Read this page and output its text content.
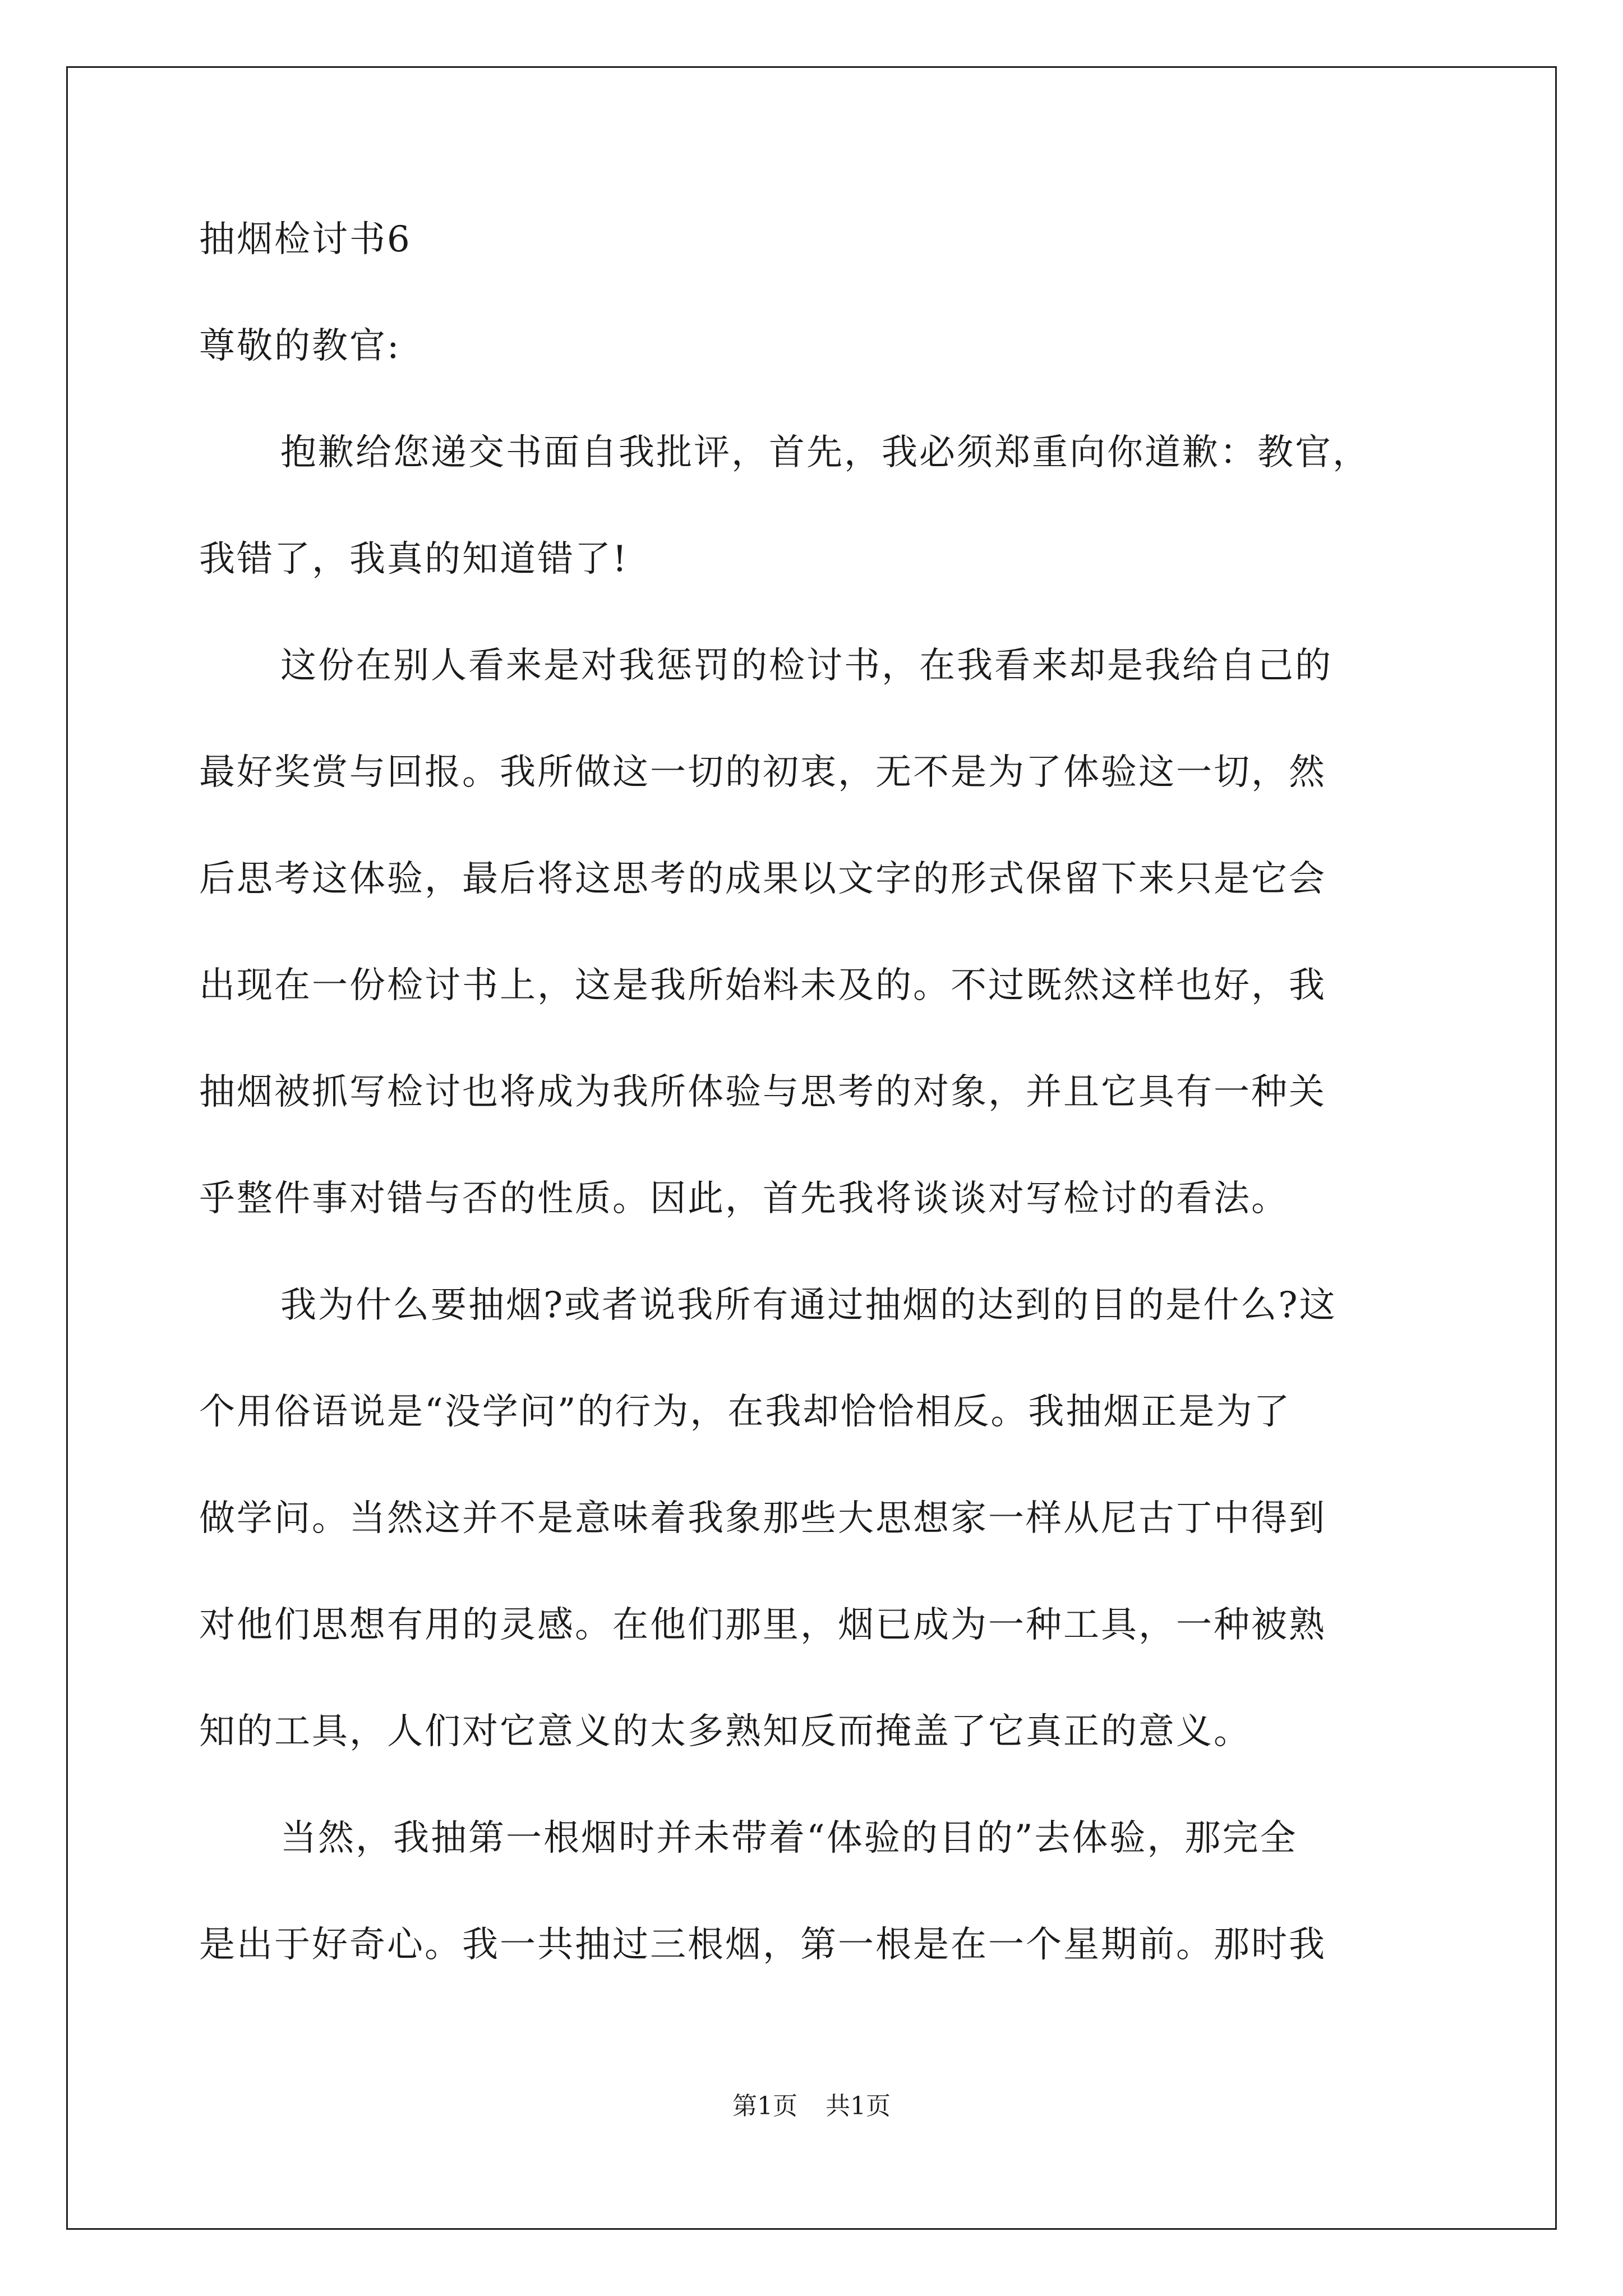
抽烟检讨书6

尊敬的教官:

抱歉给您递交书面自我批评，首先，我必须郑重向你道歉：教官，

我错了，我真的知道错了!

这份在别人看来是对我惩罚的检讨书，在我看来却是我给自己的

最好奖赏与回报。我所做这一切的初衷，无不是为了体验这一切，然

后思考这体验，最后将这思考的成果以文字的形式保留下来只是它会

出现在一份检讨书上，这是我所始料未及的。不过既然这样也好，我

抽烟被抓写检讨也将成为我所体验与思考的对象，并且它具有一种关

乎整件事对错与否的性质。因此，首先我将谈谈对写检讨的看法。

我为什么要抽烟?或者说我所有通过抽烟的达到的目的是什么?这

个用俗语说是“没学问”的行为，在我却恰恰相反。我抽烟正是为了

做学问。当然这并不是意味着我象那些大思想家一样从尼古丁中得到

对他们思想有用的灵感。在他们那里，烟已成为一种工具，一种被熟

知的工具，人们对它意义的太多熟知反而掩盖了它真正的意义。

当然，我抽第一根烟时并未带着“体验的目的”去体验，那完全

是出于好奇心。我一共抽过三根烟，第一根是在一个星期前。那时我

第1页 共1页
